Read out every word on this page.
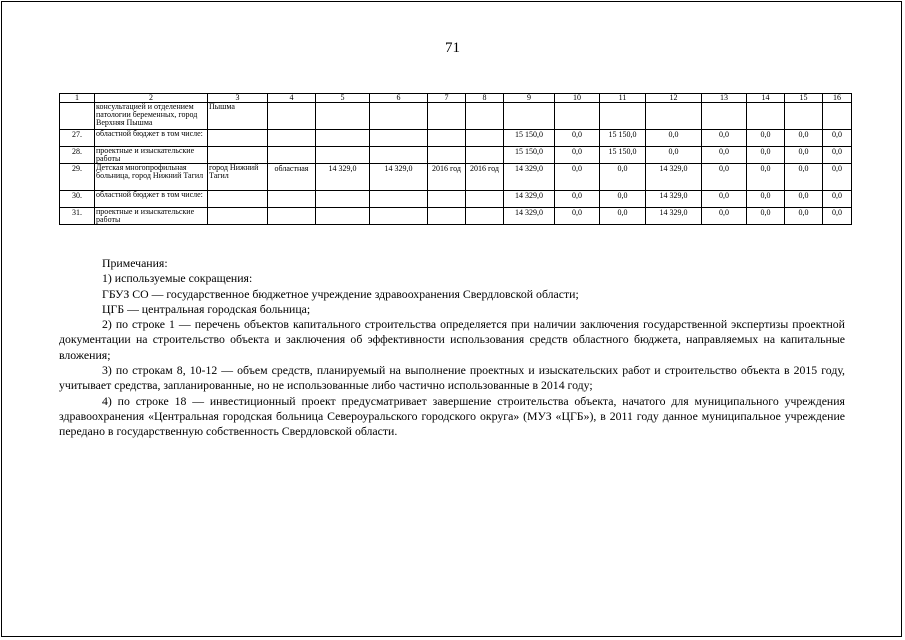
71
1	2	3	4	5	6	7	8	9	10	11	12	13	14	15	16
	консультацией и отделением патологии беременных, город Верхняя Пышма	Пышма													
27.	областной бюджет в том числе:							15 150,0	0,0	15 150,0	0,0	0,0	0,0	0,0	0,0
28.	проектные и изыскательские работы							15 150,0	0,0	15 150,0	0,0	0,0	0,0	0,0	0,0
29.	Детская многопрофильная больница, город Нижний Тагил	город Нижний Тагил	областная	14 329,0	14 329,0	2016 год	2016 год	14 329,0	0,0	0,0	14 329,0	0,0	0,0	0,0	0,0
30.	областной бюджет в том числе:							14 329,0	0,0	0,0	14 329,0	0,0	0,0	0,0	0,0
31.	проектные и изыскательские работы							14 329,0	0,0	0,0	14 329,0	0,0	0,0	0,0	0,0

Примечания:

1) используемые сокращения:

ГБУЗ СО — государственное бюджетное учреждение здравоохранения Свердловской области;

ЦГБ — центральная городская больница;

2) по строке 1 — перечень объектов капитального строительства определяется при наличии заключения государственной экспертизы проектной документации на строительство объекта и заключения об эффективности использования средств областного бюджета, направляемых на капитальные вложения;

3) по строкам 8, 10-12 — объем средств, планируемый на выполнение проектных и изыскательских работ и строительство объекта в 2015 году, учитывает средства, запланированные, но не использованные либо частично использованные в 2014 году;

4) по строке 18 — инвестиционный проект предусматривает завершение строительства объекта, начатого для муниципального учреждения здравоохранения «Центральная городская больница Североуральского городского округа» (МУЗ «ЦГБ»), в 2011 году данное муниципальное учреждение передано в государственную собственность Свердловской области.
